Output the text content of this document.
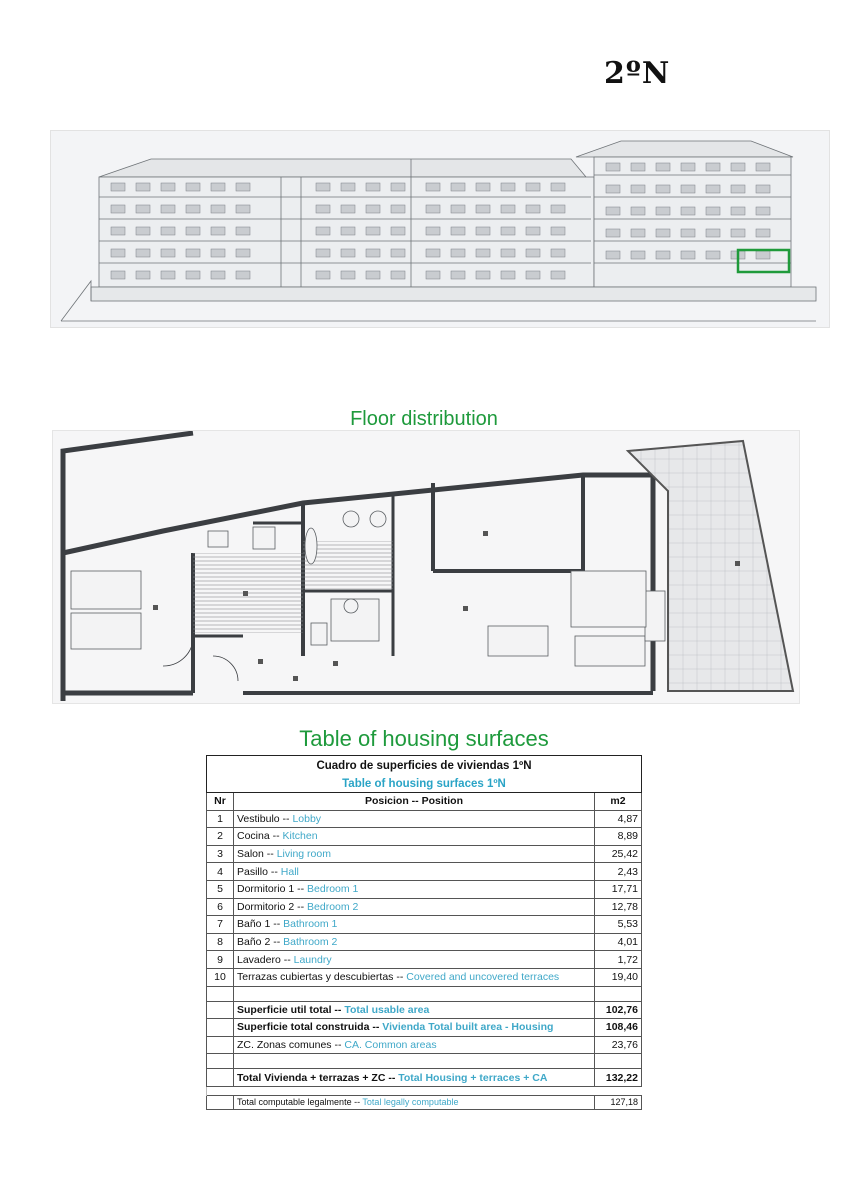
2ºN
Floor distribution
Table of housing surfaces
Cuadro de superficies de viviendas 1ºN		
Table of housing surfaces 1ºN		
Nr	Posicion -- Position	m2
1	Vestibulo -- Lobby	4,87
2	Cocina -- Kitchen	8,89
3	Salon -- Living room	25,42
4	Pasillo -- Hall	2,43
5	Dormitorio 1 -- Bedroom 1	17,71
6	Dormitorio 2 -- Bedroom 2	12,78
7	Baño 1 -- Bathroom 1	5,53
8	Baño 2 -- Bathroom 2	4,01
9	Lavadero -- Laundry	1,72
10	Terrazas cubiertas y descubiertas -- Covered and uncovered terraces	19,40

	Superficie util total -- Total usable area	102,76
	Superficie total construida -- Vivienda Total built area - Housing	108,46
	ZC. Zonas comunes -- CA. Common areas	23,76

	Total Vivienda + terrazas + ZC -- Total Housing + terraces + CA	132,22

	Total computable legalmente -- Total legally computable	127,18
